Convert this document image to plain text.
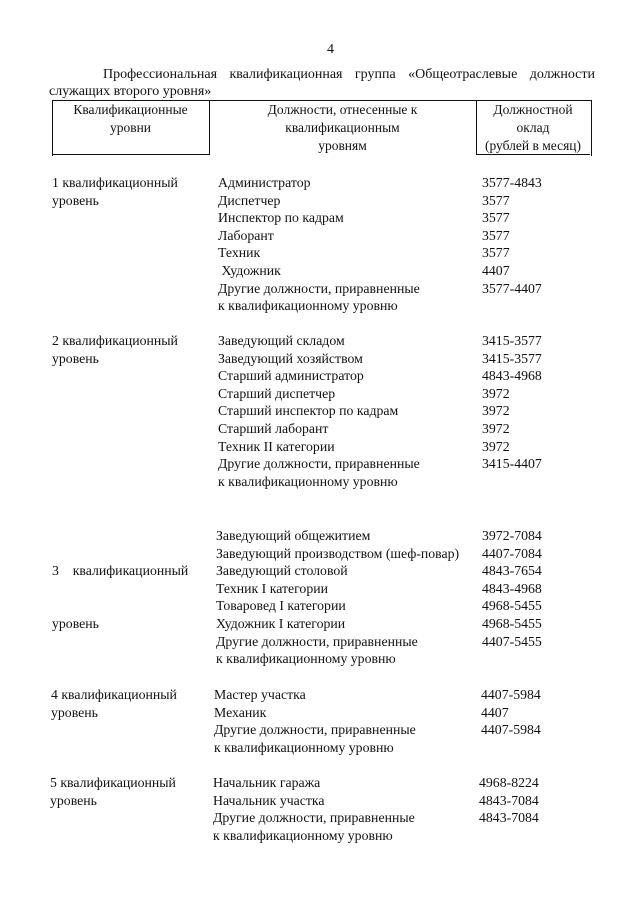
4
Профессиональная квалификационная группа «Общеотраслевые должности
служащих второго уровня»
Квалификационные
уровни
Должности, отнесенные к
квалификационным
уровням
Должностной
оклад
(рублей в месяц)
1 квалификационный
уровень
Администратор
Диспетчер
Инспектор по кадрам
Лаборант
Техник
Художник
Другие должности, приравненные
к квалификационному уровню
3577-4843
3577
3577
3577
3577
4407
3577-4407

2 квалификационный
уровень
Заведующий складом
Заведующий хозяйством
Старший администратор
Старший диспетчер
Старший инспектор по кадрам
Старший лаборант
Техник II категории
Другие должности, приравненные
к квалификационному уровню
3415-3577
3415-3577
4843-4968
3972
3972
3972
3972
3415-4407

3    квалификационный

уровень

Заведующий общежитием
Заведующий производством (шеф-повар)
Заведующий столовой
Техник I категории
Товаровед I категории
Художник I категории
Другие должности, приравненные
к квалификационному уровню
3972-7084
4407-7084
4843-7654
4843-4968
4968-5455
4968-5455
4407-5455

4 квалификационный
уровень
Мастер участка
Механик
Другие должности, приравненные
к квалификационному уровню
4407-5984
4407
4407-5984

5 квалификационный
уровень
Начальник гаража
Начальник участка
Другие должности, приравненные
к квалификационному уровню
4968-8224
4843-7084
4843-7084
